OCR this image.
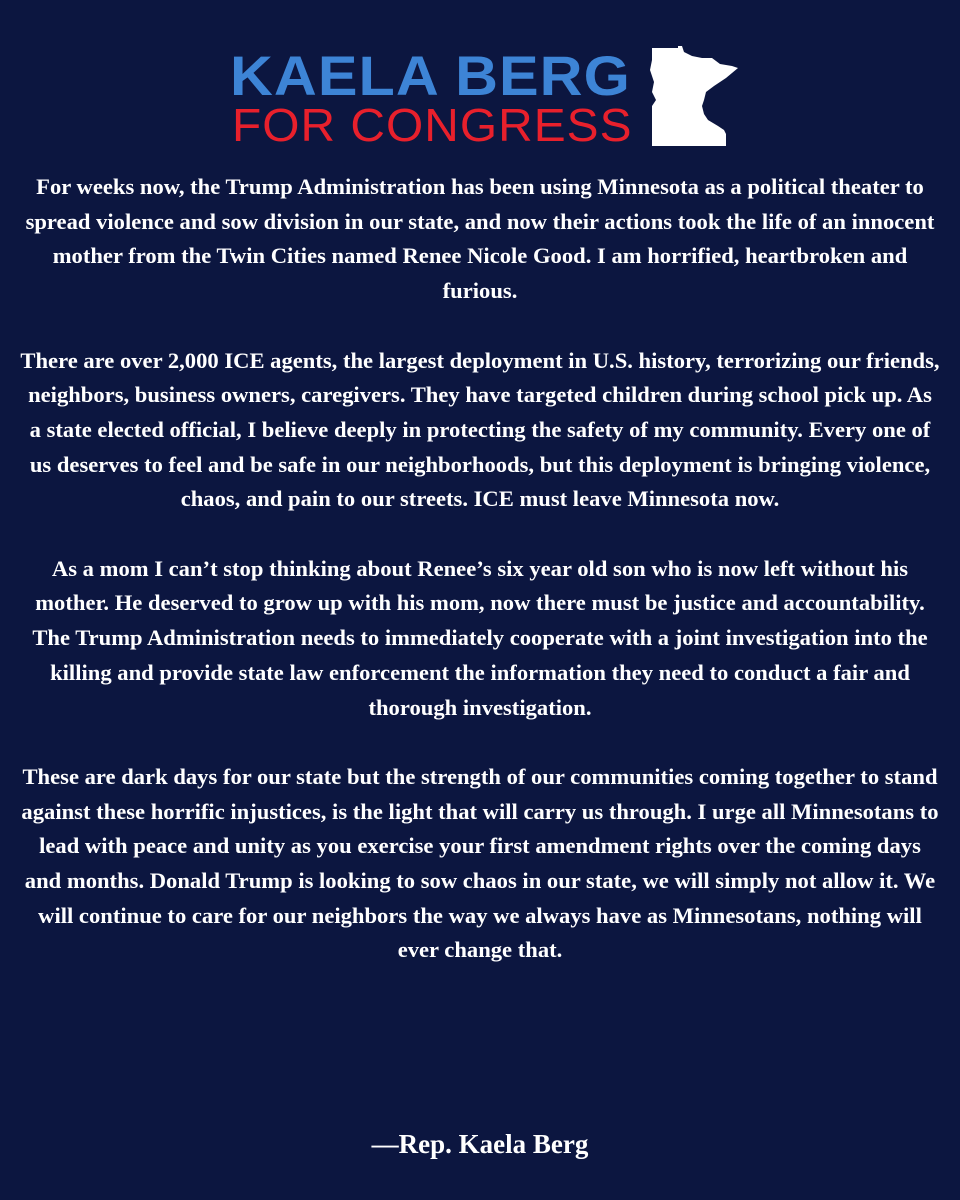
KAELA BERG
FOR CONGRESS

For weeks now, the Trump Administration has been using Minnesota as a political theater to spread violence and sow division in our state, and now their actions took the life of an innocent mother from the Twin Cities named Renee Nicole Good. I am horrified, heartbroken and furious.

There are over 2,000 ICE agents, the largest deployment in U.S. history, terrorizing our friends, neighbors, business owners, caregivers. They have targeted children during school pick up. As a state elected official, I believe deeply in protecting the safety of my community. Every one of us deserves to feel and be safe in our neighborhoods, but this deployment is bringing violence, chaos, and pain to our streets. ICE must leave Minnesota now.

As a mom I can’t stop thinking about Renee’s six year old son who is now left without his mother. He deserved to grow up with his mom, now there must be justice and accountability. The Trump Administration needs to immediately cooperate with a joint investigation into the killing and provide state law enforcement the information they need to conduct a fair and thorough investigation.

These are dark days for our state but the strength of our communities coming together to stand against these horrific injustices, is the light that will carry us through. I urge all Minnesotans to lead with peace and unity as you exercise your first amendment rights over the coming days and months. Donald Trump is looking to sow chaos in our state, we will simply not allow it. We will continue to care for our neighbors the way we always have as Minnesotans, nothing will ever change that.

—Rep. Kaela Berg
